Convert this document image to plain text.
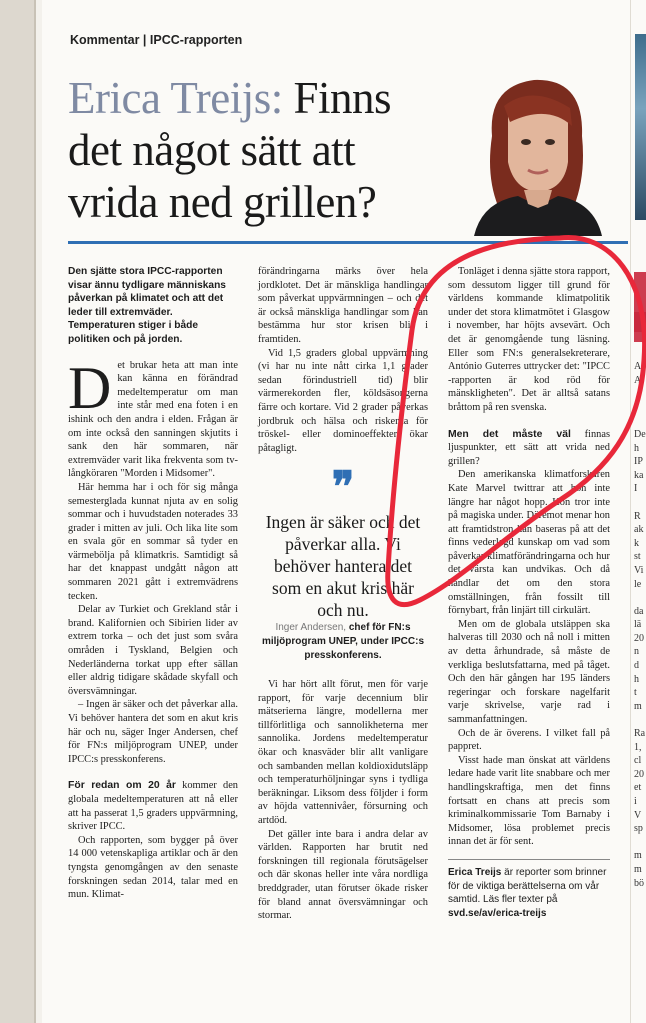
A
A

I

De
h
IP
ka
I

R
ak
k
st
Vi
le

da
lä
20
n
d
h
t
m

Ra
1,
cl
20
et
i
V
sp

m
m
bö
Kommentar | IPCC-rapporten
Erica Treijs: Finns det något sätt att vrida ned grillen?

Den sjätte stora IPCC-rapporten visar ännu tydligare människans påverkan på klimatet och att det leder till extremväder. Temperaturen stiger i både politiken och på jorden.

Det brukar heta att man inte kan känna en förändrad medeltemperatur om man inte står med ena foten i en ishink och den andra i elden. Frågan är om inte också den sanningen skjutits i sank den här sommaren, när extremväder varit lika frekventa som tv-långköraren "Morden i Midsomer".

Här hemma har i och för sig många semesterglada kunnat njuta av en solig sommar och i huvudstaden noterades 33 grader i mitten av juli. Och lika lite som en svala gör en sommar så tyder en värmebölja på klimatkris. Samtidigt så har det knappast undgått någon att sommaren 2021 gått i extremvädrens tecken.

Delar av Turkiet och Grekland står i brand. Kalifornien och Sibirien lider av extrem torka – och det just som svåra områden i Tyskland, Belgien och Nederländerna torkat upp efter sällan eller aldrig tidigare skådade skyfall och översvämningar.

– Ingen är säker och det påverkar alla. Vi behöver hantera det som en akut kris här och nu, säger Inger Andersen, chef för FN:s miljöprogram UNEP, under IPCC:s presskonferens.

För redan om 20 år kommer den globala medeltemperaturen att nå eller att ha passerat 1,5 graders uppvärmning, skriver IPCC.

Och rapporten, som bygger på över 14 000 vetenskapliga artiklar och är den tyngsta genomgången av den senaste forskningen sedan 2014, talar med en mun. Klimat-

förändringarna märks över hela jordklotet. Det är mänskliga handlingar som påverkat uppvärmningen – och det är också mänskliga handlingar som kan bestämma hur stor krisen blir i framtiden.

Vid 1,5 graders global uppvärmning (vi har nu inte nått cirka 1,1 grader sedan förindustriell tid) blir värmerekorden fler, köldsäsongerna färre och kortare. Vid 2 grader påverkas jordbruk och hälsa och riskerna för tröskel- eller dominoeffekter ökar påtagligt.

❞

Ingen är säker och det påverkar alla. Vi behöver hantera det som en akut kris här och nu.

Inger Andersen, chef för FN:s miljöprogram UNEP, under IPCC:s presskonferens.

Vi har hört allt förut, men för varje rapport, för varje decennium blir mätserierna längre, modellerna mer tillförlitliga och sannolikheterna mer sannolika. Jordens medeltemperatur ökar och knasväder blir allt vanligare och sambanden mellan koldioxidutsläpp och temperaturhöljningar syns i tydliga beräkningar. Liksom dess följder i form av höjda vattennivåer, försurning och artdöd.

Det gäller inte bara i andra delar av världen. Rapporten har brutit ned forskningen till regionala förutsägelser och där skonas heller inte våra nordliga breddgrader, utan förutser ökade risker för bland annat översvämningar och stormar.

Tonläget i denna sjätte stora rapport, som dessutom ligger till grund för världens kommande klimatpolitik under det stora klimatmötet i Glasgow i november, har höjts avsevärt. Och det är genomgående tung läsning. Eller som FN:s generalsekreterare, António Guterres uttrycker det: "IPCC -rapporten är kod röd för mänskligheten". Det är alltså satans bråttom på ren svenska.

Men det måste väl finnas ljuspunkter, ett sätt att vrida ned grillen?

Den amerikanska klimatforskaren Kate Marvel twittrar att hon inte längre har något hopp. Hon tror inte på magiska under. Däremot menar hon att framtidstron kan baseras på att det finns vederlagd kunskap om vad som påverkar klimatförändringarna och hur det värsta kan undvikas. Och då handlar det om den stora omställningen, från fossilt till förnybart, från linjärt till cirkulärt.

Men om de globala utsläppen ska halveras till 2030 och nå noll i mitten av detta århundrade, så måste de verkliga beslutsfattarna, med på tåget. Och den här gången har 195 länders regeringar och forskare nagelfarit varje skrivelse, varje rad i sammanfattningen.

Och de är överens. I vilket fall på pappret.

Visst hade man önskat att världens ledare hade varit lite snabbare och mer handlingskraftiga, men det finns fortsatt en chans att precis som kriminalkommissarie Tom Barnaby i Midsomer, lösa problemet precis innan det är för sent.

Erica Treijs är reporter som brinner för de viktiga berättelserna om vår samtid. Läs fler texter på svd.se/av/erica-treijs
